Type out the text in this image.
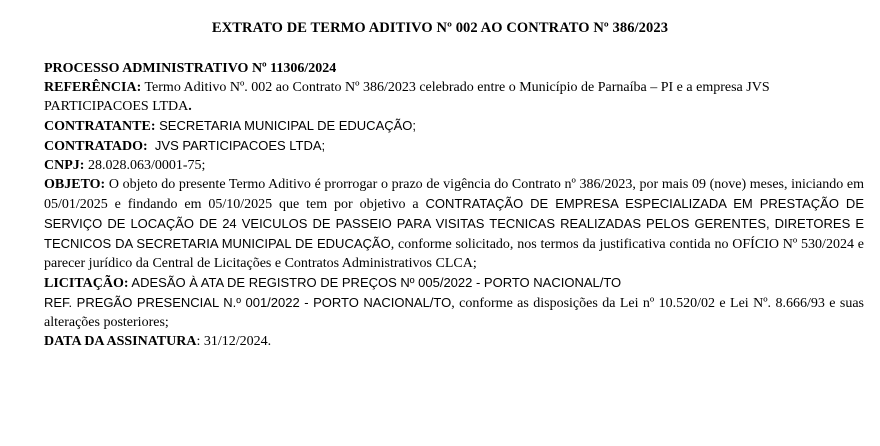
EXTRATO DE TERMO ADITIVO Nº 002 AO CONTRATO Nº 386/2023

PROCESSO ADMINISTRATIVO Nº 11306/2024

REFERÊNCIA: Termo Aditivo Nº. 002 ao Contrato Nº 386/2023 celebrado entre o Município de Parnaíba – PI e a empresa JVS PARTICIPACOES LTDA.

CONTRATANTE: SECRETARIA MUNICIPAL DE EDUCAÇÃO;

CONTRATADO:  JVS PARTICIPACOES LTDA;

CNPJ: 28.028.063/0001-75;

OBJETO: O objeto do presente Termo Aditivo é prorrogar o prazo de vigência do Contrato nº 386/2023, por mais 09 (nove) meses, iniciando em 05/01/2025 e findando em 05/10/2025 que tem por objetivo a CONTRATAÇÃO DE EMPRESA ESPECIALIZADA EM PRESTAÇÃO DE SERVIÇO DE LOCAÇÃO DE 24 VEICULOS DE PASSEIO PARA VISITAS TECNICAS REALIZADAS PELOS GERENTES, DIRETORES E TECNICOS DA SECRETARIA MUNICIPAL DE EDUCAÇÃO, conforme solicitado, nos termos da justificativa contida no OFÍCIO Nº 530/2024 e parecer jurídico da Central de Licitações e Contratos Administrativos CLCA;

LICITAÇÃO: ADESÃO À ATA DE REGISTRO DE PREÇOS Nº 005/2022 - PORTO NACIONAL/TO

REF. PREGÃO PRESENCIAL N.º 001/2022 - PORTO NACIONAL/TO, conforme as disposições da Lei nº 10.520/02 e Lei Nº. 8.666/93 e suas alterações posteriores;

DATA DA ASSINATURA: 31/12/2024.
